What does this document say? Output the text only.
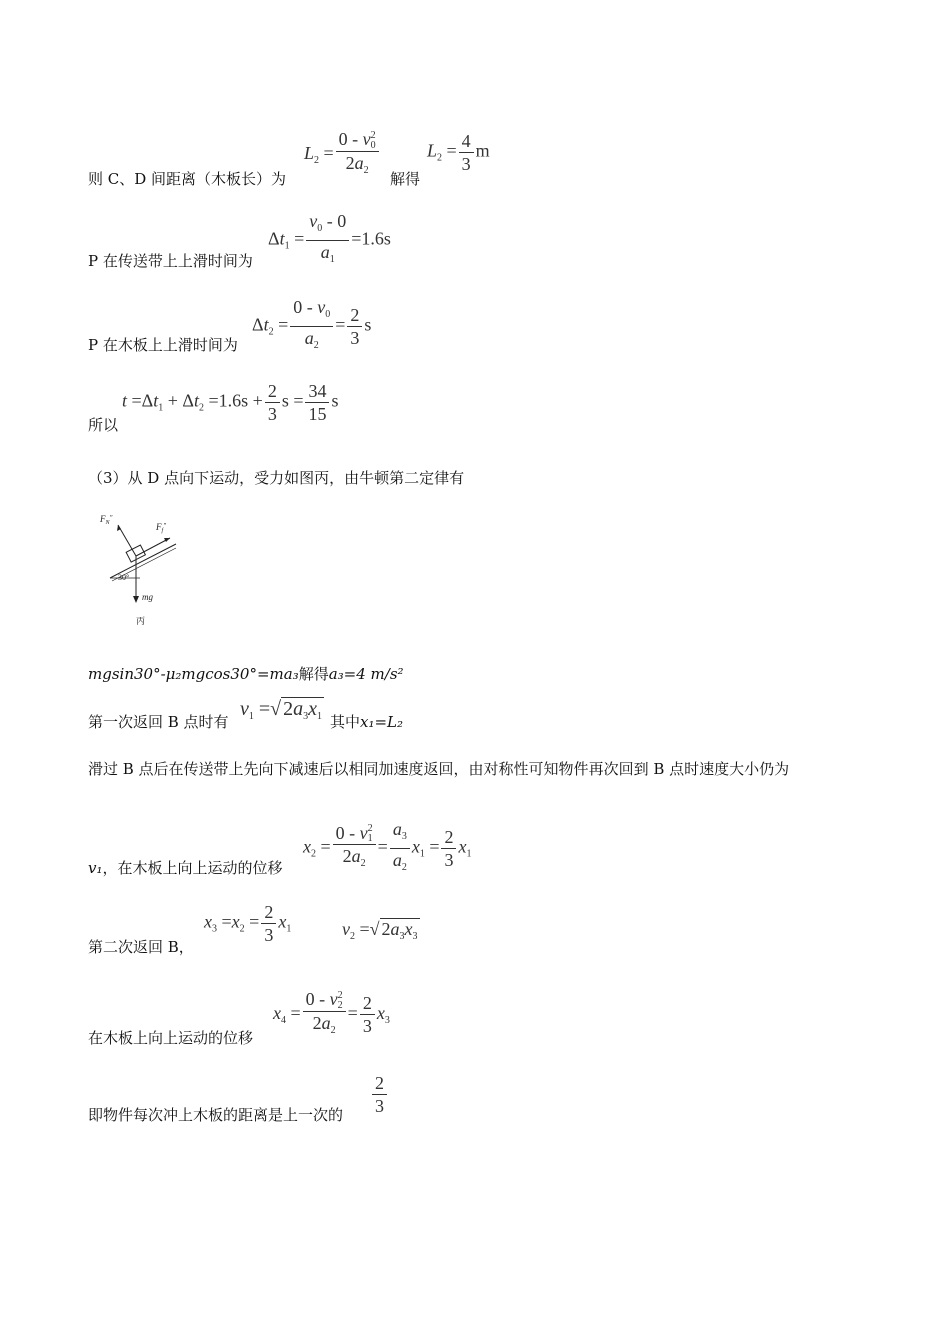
则 C、D 间距离（木板长）为
$L_2 = 0 - v$ 2
0
$2a_2$ 解得
$L_2 = \frac{4}{3}$ m
P 在传送带上上滑时间为
$\Delta t_1 = \frac{v_0 - 0}{a_1} =1.6s$
P 在木板上上滑时间为
$\Delta t_2 = \frac{0 - v_0}{a_2} = \frac{2}{3}$ s
所以
$t =\Delta t_1 + \Delta t_2 =1.6s + \frac{2}{3}$ $s = \frac{34}{15}$ s
（3）从 D 点向下运动，受力如图丙，由牛顿第二定律有
$F_N''$
$F_f''$
30°
mg
丙
mgsin30°-μ₂mgcos30°=ma₃解得a₃=4 m/s²
第一次返回 B 点时有
$v_1$ =√ $2a_3x_1$ 其中x₁=L₂
滑过 B 点后在传送带上先向下减速后以相同加速度返回，由对称性可知物件再次回到 B 点时速度大小仍为
v₁，在木板上向上运动的位移
$x_2 = 0 - v$ 2
1
$2a_2 = \frac{a_3}{a_2} x_1 = \frac{2}{3} x_1$
第二次返回 B，
$x_3 =x_2 = \frac{2}{3} x_1$	$v_2$ =√ $2a_3x_3$
在木板上向上运动的位移
$x_4 = 0 - v$ 2
2
$2a_2 = \frac{2}{3} x_3$
即物件每次冲上木板的距离是上一次的 $\frac{2}{3}$
